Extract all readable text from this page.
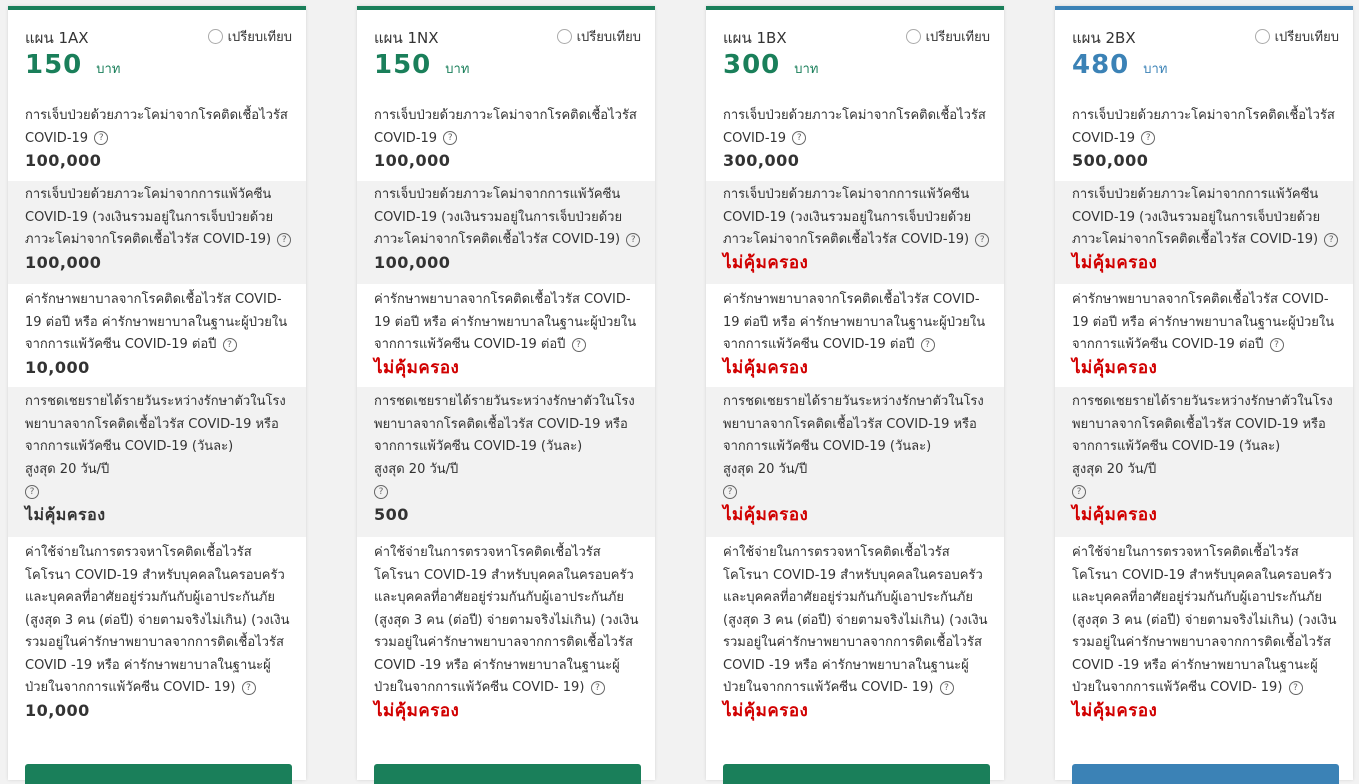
แผน 1AX	เปรียบเทียบ
150 บาท
การเจ็บป่วยด้วยภาวะโคม่าจากโรคติดเชื้อไวรัส COVID-19 ?
100,000
การเจ็บป่วยด้วยภาวะโคม่าจากการแพ้วัคซีน COVID-19 (วงเงินรวมอยู่ในการเจ็บป่วยด้วยภาวะโคม่าจากโรคติดเชื้อไวรัส COVID-19) ?
100,000
ค่ารักษาพยาบาลจากโรคติดเชื้อไวรัส COVID-19 ต่อปี หรือ ค่ารักษาพยาบาลในฐานะผู้ป่วยในจากการแพ้วัคซีน COVID-19 ต่อปี ?
10,000
การชดเชยรายได้รายวันระหว่างรักษาตัวในโรงพยาบาลจากโรคติดเชื้อไวรัส COVID-19 หรือจากการแพ้วัคซีน COVID-19 (วันละ)
สูงสุด 20 วัน/ปี
?
ไม่คุ้มครอง
ค่าใช้จ่ายในการตรวจหาโรคติดเชื้อไวรัสโคโรนา COVID-19 สำหรับบุคคลในครอบครัว และบุคคลที่อาศัยอยู่ร่วมกันกับผู้เอาประกันภัย (สูงสุด 3 คน (ต่อปี) จ่ายตามจริงไม่เกิน) (วงเงินรวมอยู่ในค่ารักษาพยาบาลจากการติดเชื้อไวรัส COVID -19 หรือ ค่ารักษาพยาบาลในฐานะผู้ป่วยในจากการแพ้วัคซีน COVID- 19) ?
10,000
แผน 1NX	เปรียบเทียบ
150 บาท
การเจ็บป่วยด้วยภาวะโคม่าจากโรคติดเชื้อไวรัส COVID-19 ?
100,000
การเจ็บป่วยด้วยภาวะโคม่าจากการแพ้วัคซีน COVID-19 (วงเงินรวมอยู่ในการเจ็บป่วยด้วยภาวะโคม่าจากโรคติดเชื้อไวรัส COVID-19) ?
100,000
ค่ารักษาพยาบาลจากโรคติดเชื้อไวรัส COVID-19 ต่อปี หรือ ค่ารักษาพยาบาลในฐานะผู้ป่วยในจากการแพ้วัคซีน COVID-19 ต่อปี ?
ไม่คุ้มครอง
การชดเชยรายได้รายวันระหว่างรักษาตัวในโรงพยาบาลจากโรคติดเชื้อไวรัส COVID-19 หรือจากการแพ้วัคซีน COVID-19 (วันละ)
สูงสุด 20 วัน/ปี
?
500
ค่าใช้จ่ายในการตรวจหาโรคติดเชื้อไวรัสโคโรนา COVID-19 สำหรับบุคคลในครอบครัว และบุคคลที่อาศัยอยู่ร่วมกันกับผู้เอาประกันภัย (สูงสุด 3 คน (ต่อปี) จ่ายตามจริงไม่เกิน) (วงเงินรวมอยู่ในค่ารักษาพยาบาลจากการติดเชื้อไวรัส COVID -19 หรือ ค่ารักษาพยาบาลในฐานะผู้ป่วยในจากการแพ้วัคซีน COVID- 19) ?
ไม่คุ้มครอง
แผน 1BX	เปรียบเทียบ
300 บาท
การเจ็บป่วยด้วยภาวะโคม่าจากโรคติดเชื้อไวรัส COVID-19 ?
300,000
การเจ็บป่วยด้วยภาวะโคม่าจากการแพ้วัคซีน COVID-19 (วงเงินรวมอยู่ในการเจ็บป่วยด้วยภาวะโคม่าจากโรคติดเชื้อไวรัส COVID-19) ?
ไม่คุ้มครอง
ค่ารักษาพยาบาลจากโรคติดเชื้อไวรัส COVID-19 ต่อปี หรือ ค่ารักษาพยาบาลในฐานะผู้ป่วยในจากการแพ้วัคซีน COVID-19 ต่อปี ?
ไม่คุ้มครอง
การชดเชยรายได้รายวันระหว่างรักษาตัวในโรงพยาบาลจากโรคติดเชื้อไวรัส COVID-19 หรือจากการแพ้วัคซีน COVID-19 (วันละ)
สูงสุด 20 วัน/ปี
?
ไม่คุ้มครอง
ค่าใช้จ่ายในการตรวจหาโรคติดเชื้อไวรัสโคโรนา COVID-19 สำหรับบุคคลในครอบครัว และบุคคลที่อาศัยอยู่ร่วมกันกับผู้เอาประกันภัย (สูงสุด 3 คน (ต่อปี) จ่ายตามจริงไม่เกิน) (วงเงินรวมอยู่ในค่ารักษาพยาบาลจากการติดเชื้อไวรัส COVID -19 หรือ ค่ารักษาพยาบาลในฐานะผู้ป่วยในจากการแพ้วัคซีน COVID- 19) ?
ไม่คุ้มครอง
แผน 2BX	เปรียบเทียบ
480 บาท
การเจ็บป่วยด้วยภาวะโคม่าจากโรคติดเชื้อไวรัส COVID-19 ?
500,000
การเจ็บป่วยด้วยภาวะโคม่าจากการแพ้วัคซีน COVID-19 (วงเงินรวมอยู่ในการเจ็บป่วยด้วยภาวะโคม่าจากโรคติดเชื้อไวรัส COVID-19) ?
ไม่คุ้มครอง
ค่ารักษาพยาบาลจากโรคติดเชื้อไวรัส COVID-19 ต่อปี หรือ ค่ารักษาพยาบาลในฐานะผู้ป่วยในจากการแพ้วัคซีน COVID-19 ต่อปี ?
ไม่คุ้มครอง
การชดเชยรายได้รายวันระหว่างรักษาตัวในโรงพยาบาลจากโรคติดเชื้อไวรัส COVID-19 หรือจากการแพ้วัคซีน COVID-19 (วันละ)
สูงสุด 20 วัน/ปี
?
ไม่คุ้มครอง
ค่าใช้จ่ายในการตรวจหาโรคติดเชื้อไวรัสโคโรนา COVID-19 สำหรับบุคคลในครอบครัว และบุคคลที่อาศัยอยู่ร่วมกันกับผู้เอาประกันภัย (สูงสุด 3 คน (ต่อปี) จ่ายตามจริงไม่เกิน) (วงเงินรวมอยู่ในค่ารักษาพยาบาลจากการติดเชื้อไวรัส COVID -19 หรือ ค่ารักษาพยาบาลในฐานะผู้ป่วยในจากการแพ้วัคซีน COVID- 19) ?
ไม่คุ้มครอง
